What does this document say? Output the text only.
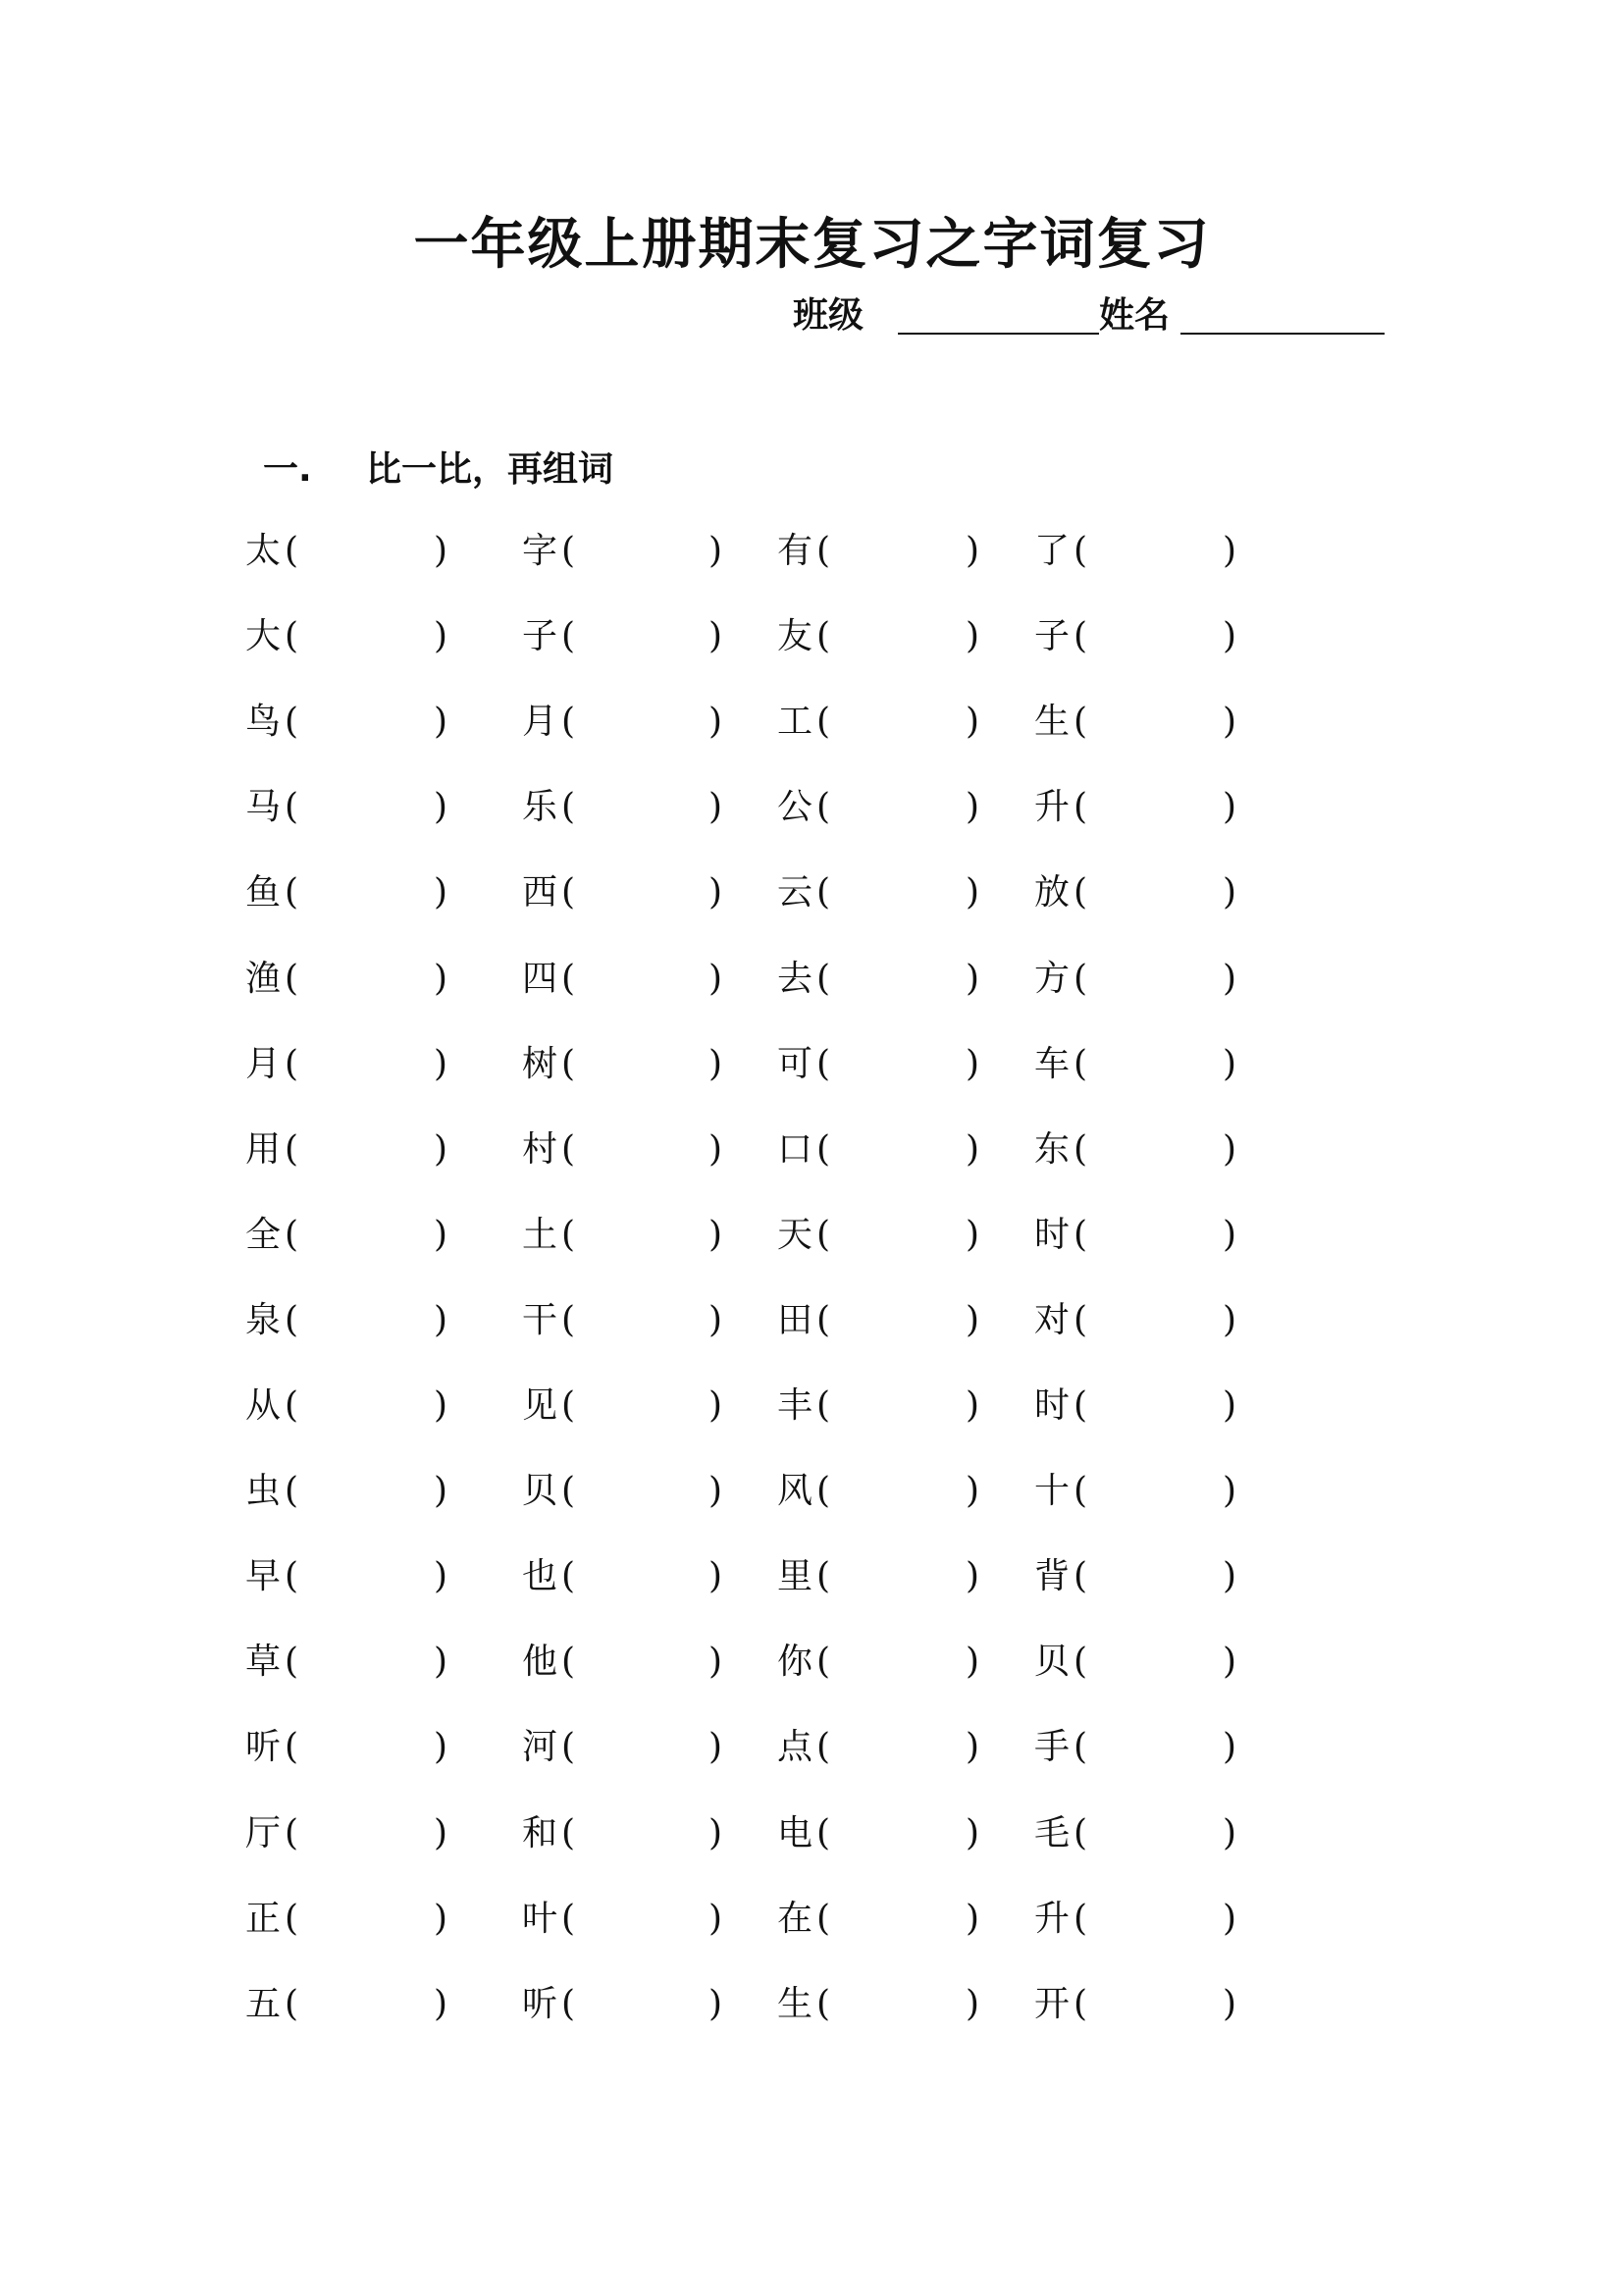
一年级上册期末复习之字词复习
班级	姓名
一. 比一比，再组词
太 (	) 字 (	) 有 (	) 了 (	)
大 (	) 子 (	) 友 (	) 子 (	)
鸟 (	) 月 (	) 工 (	) 生 (	)
马 (	) 乐 (	) 公 (	) 升 (	)
鱼 (	) 西 (	) 云 (	) 放 (	)
渔 (	) 四 (	) 去 (	) 方 (	)
月 (	) 树 (	) 可 (	) 车 (	)
用 (	) 村 (	) 口 (	) 东 (	)
全 (	) 土 (	) 天 (	) 时 (	)
泉 (	) 干 (	) 田 (	) 对 (	)
从 (	) 见 (	) 丰 (	) 时 (	)
虫 (	) 贝 (	) 风 (	) 十 (	)
早 (	) 也 (	) 里 (	) 背 (	)
草 (	) 他 (	) 你 (	) 贝 (	)
听 (	) 河 (	) 点 (	) 手 (	)
厅 (	) 和 (	) 电 (	) 毛 (	)
正 (	) 叶 (	) 在 (	) 升 (	)
五 (	) 听 (	) 生 (	) 开 (	)
